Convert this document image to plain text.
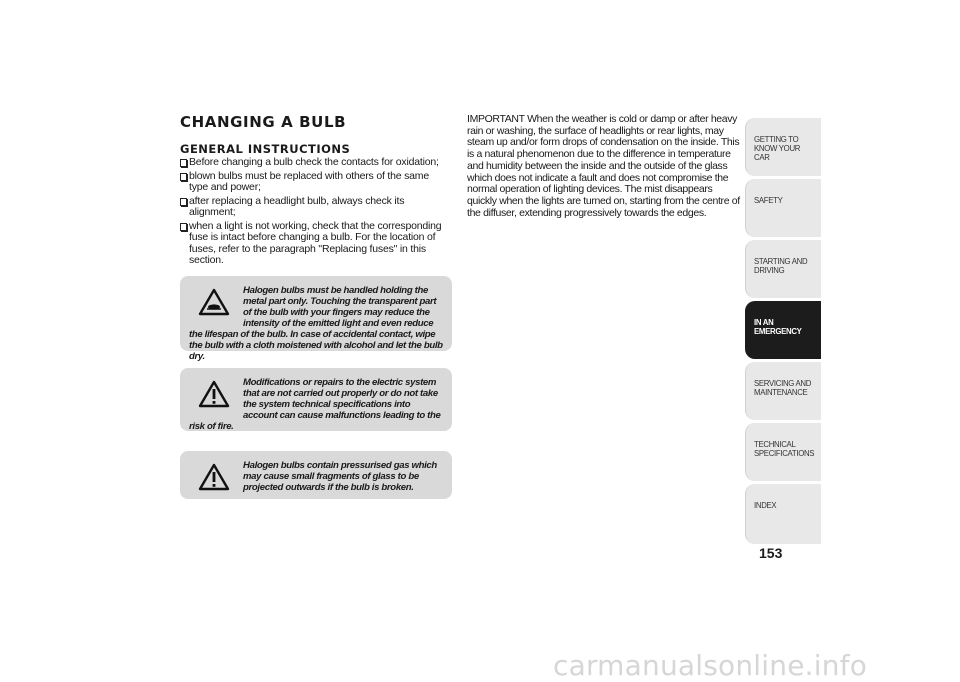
CHANGING A BULB
GENERAL INSTRUCTIONS
Before changing a bulb check the contacts for oxidation;
blown bulbs must be replaced with others of the same type and power;
after replacing a headlight bulb, always check its alignment;
when a light is not working, check that the corresponding fuse is intact before changing a bulb. For the location of fuses, refer to the paragraph "Replacing fuses" in this section.
Halogen bulbs must be handled holding the metal part only. Touching the transparent part of the bulb with your fingers may reduce the intensity of the emitted light and even reduce the lifespan of the bulb. In case of accidental contact, wipe the bulb with a cloth moistened with alcohol and let the bulb dry.
Modifications or repairs to the electric system that are not carried out properly or do not take the system technical specifications into account can cause malfunctions leading to the risk of fire.
Halogen bulbs contain pressurised gas which may cause small fragments of glass to be projected outwards if the bulb is broken.

IMPORTANT When the weather is cold or damp or after heavy rain or washing, the surface of headlights or rear lights, may steam up and/or form drops of condensation on the inside. This is a natural phenomenon due to the difference in temperature and humidity between the inside and the outside of the glass which does not indicate a fault and does not compromise the normal operation of lighting devices. The mist disappears quickly when the lights are turned on, starting from the centre of the diffuser, extending progressively towards the edges.

GETTING TO KNOW YOUR CAR
SAFETY
STARTING AND DRIVING
IN AN EMERGENCY
SERVICING AND MAINTENANCE
TECHNICAL SPECIFICATIONS
INDEX

153

carmanualsonline.info
